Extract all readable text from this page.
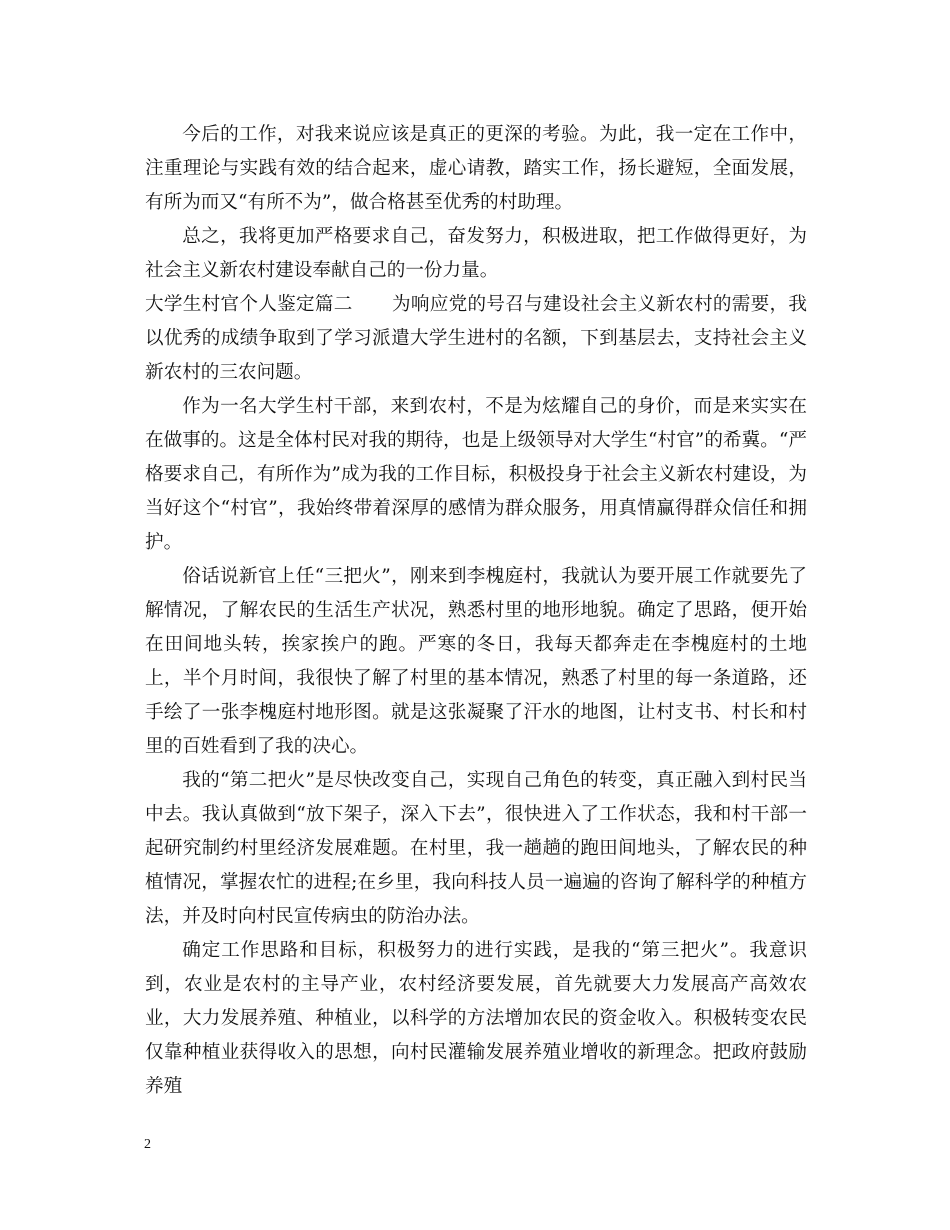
今后的工作，对我来说应该是真正的更深的考验。为此，我一定在工作中，注重理论与实践有效的结合起来，虚心请教，踏实工作，扬长避短，全面发展，有所为而又“有所不为”，做合格甚至优秀的村助理。

总之，我将更加严格要求自己，奋发努力，积极进取，把工作做得更好，为社会主义新农村建设奉献自己的一份力量。

大学生村官个人鉴定篇二 为响应党的号召与建设社会主义新农村的需要，我以优秀的成绩争取到了学习派遣大学生进村的名额，下到基层去，支持社会主义新农村的三农问题。

作为一名大学生村干部，来到农村，不是为炫耀自己的身价，而是来实实在在做事的。这是全体村民对我的期待，也是上级领导对大学生“村官”的希冀。“严格要求自己，有所作为”成为我的工作目标，积极投身于社会主义新农村建设，为当好这个“村官”，我始终带着深厚的感情为群众服务，用真情赢得群众信任和拥护。

俗话说新官上任“三把火”，刚来到李槐庭村，我就认为要开展工作就要先了解情况，了解农民的生活生产状况，熟悉村里的地形地貌。确定了思路，便开始在田间地头转，挨家挨户的跑。严寒的冬日，我每天都奔走在李槐庭村的土地上，半个月时间，我很快了解了村里的基本情况，熟悉了村里的每一条道路，还手绘了一张李槐庭村地形图。就是这张凝聚了汗水的地图，让村支书、村长和村里的百姓看到了我的决心。

我的“第二把火”是尽快改变自己，实现自己角色的转变，真正融入到村民当中去。我认真做到“放下架子，深入下去”，很快进入了工作状态，我和村干部一起研究制约村里经济发展难题。在村里，我一趟趟的跑田间地头，了解农民的种植情况，掌握农忙的进程;在乡里，我向科技人员一遍遍的咨询了解科学的种植方法，并及时向村民宣传病虫的防治办法。

确定工作思路和目标，积极努力的进行实践，是我的“第三把火”。我意识到，农业是农村的主导产业，农村经济要发展，首先就要大力发展高产高效农业，大力发展养殖、种植业，以科学的方法增加农民的资金收入。积极转变农民仅靠种植业获得收入的思想，向村民灌输发展养殖业增收的新理念。把政府鼓励养殖

2
